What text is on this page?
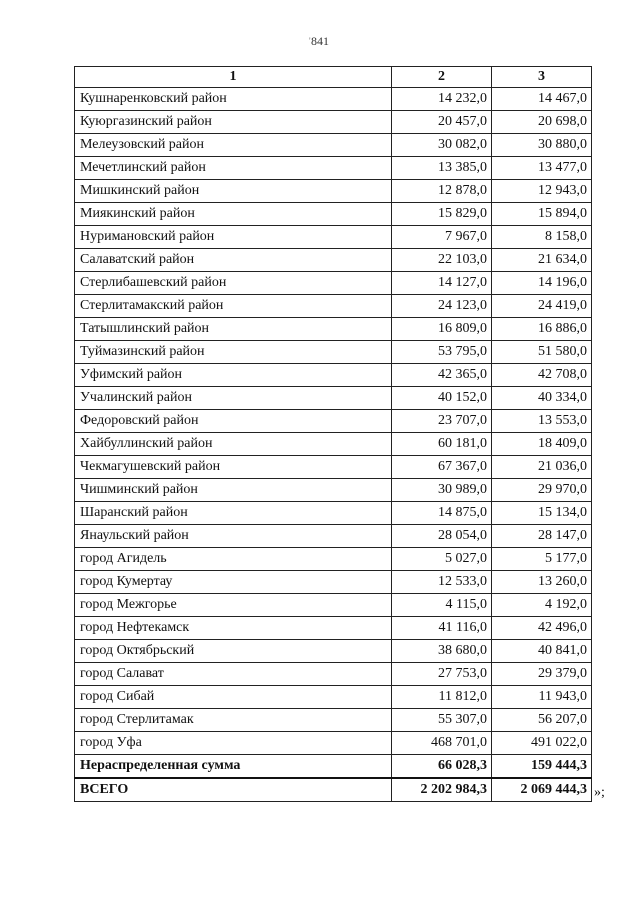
' 841
1	2	3
Кушнаренковский район	14 232,0	14 467,0
Куюргазинский район	20 457,0	20 698,0
Мелеузовский район	30 082,0	30 880,0
Мечетлинский район	13 385,0	13 477,0
Мишкинский район	12 878,0	12 943,0
Миякинский район	15 829,0	15 894,0
Нуримановский район	7 967,0	8 158,0
Салаватский район	22 103,0	21 634,0
Стерлибашевский район	14 127,0	14 196,0
Стерлитамакский район	24 123,0	24 419,0
Татышлинский район	16 809,0	16 886,0
Туймазинский район	53 795,0	51 580,0
Уфимский район	42 365,0	42 708,0
Учалинский район	40 152,0	40 334,0
Федоровский район	23 707,0	13 553,0
Хайбуллинский район	60 181,0	18 409,0
Чекмагушевский район	67 367,0	21 036,0
Чишминский район	30 989,0	29 970,0
Шаранский район	14 875,0	15 134,0
Янаульский район	28 054,0	28 147,0
город Агидель	5 027,0	5 177,0
город Кумертау	12 533,0	13 260,0
город Межгорье	4 115,0	4 192,0
город Нефтекамск	41 116,0	42 496,0
город Октябрьский	38 680,0	40 841,0
город Салават	27 753,0	29 379,0
город Сибай	11 812,0	11 943,0
город Стерлитамак	55 307,0	56 207,0
город Уфа	468 701,0	491 022,0
Нераспределенная сумма	66 028,3	159 444,3
ВСЕГО	2 202 984,3	2 069 444,3 »;
